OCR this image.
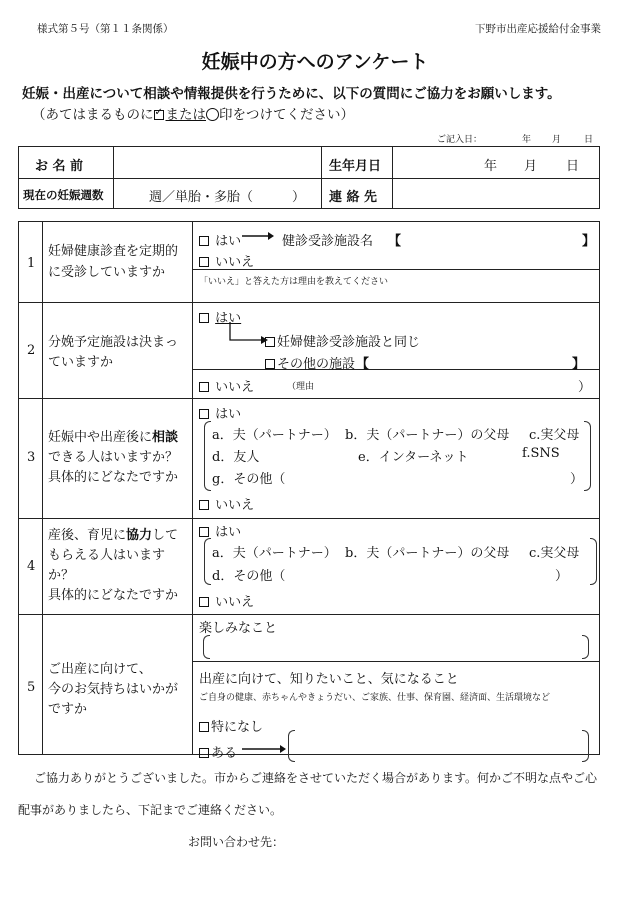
様式第５号（第１１条関係）	下野市出産応援給付金事業
妊娠中の方へのアンケート
妊娠・出産について相談や情報提供を行うために、以下の質問にご協力をお願いします。
（あてはまるものに✓ または 印をつけてください）
ご記入日：	年 月	日
お 名 前	生年月日	年 月 日
現在の妊娠週数	週／単胎・多胎（　　　） 連 絡 先
1
妊婦健康診査を定期的
に受診していますか
はい	健診受診施設名 【	】
いいえ
「いいえ」と答えた方は理由を教えてください
2
分娩予定施設は決まっ
ていますか
はい
妊婦健診受診施設と同じ
その他の施設 【	】
いいえ	（理由	）
3
妊娠中や出産後に相談
できる人はいますか？
具体的にどなたですか
はい
a．夫（パートナー） b．夫（パートナー）の父母 c.実父母
d．友人	e．インターネット	f.SNS
g．その他（	）
いいえ
4
産後、育児に協力して
もらえる人はいます
か？
具体的にどなたですか
はい
a．夫（パートナー） b．夫（パートナー）の父母 c.実父母
d．その他（	）
いいえ
5
ご出産に向けて、
今のお気持ちはいかが
ですか
楽しみなこと
出産に向けて、知りたいこと、気になること
ご自身の健康、赤ちゃんやきょうだい、ご家族、仕事、保育園、経済面、生活環境など
特になし
ある
ご協力ありがとうございました。市からご連絡をさせていただく場合があります。何かご不明な点やご心
配事がありましたら、下記までご連絡ください。
お問い合わせ先：
